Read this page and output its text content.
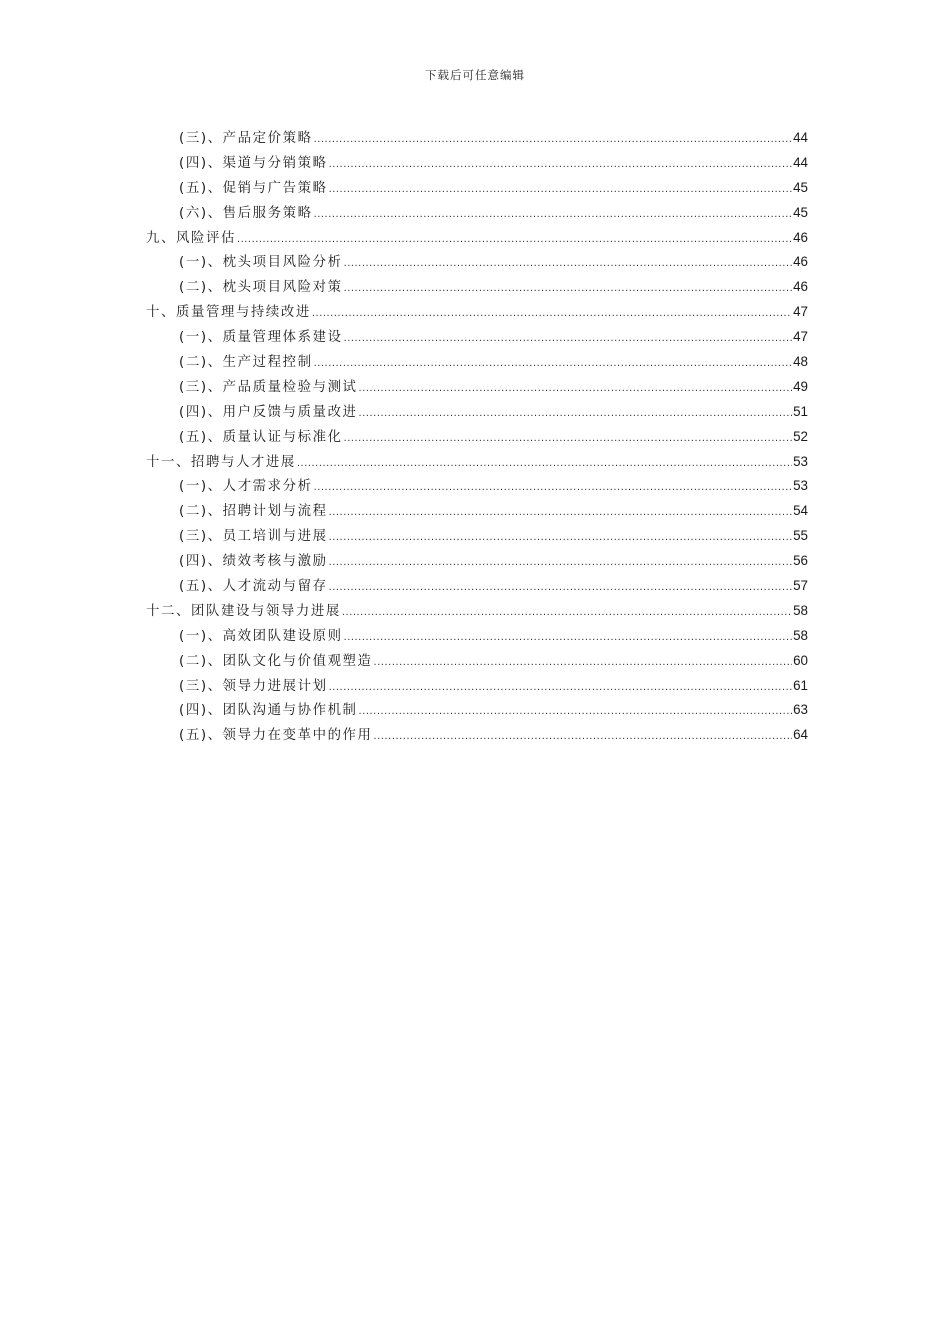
下载后可任意编辑
(三)、产品定价策略 .....	44
(四)、渠道与分销策略 .....	44
(五)、促销与广告策略 .....	45
(六)、售后服务策略 .....	45
九、风险评估 .....	46
(一)、枕头项目风险分析 .....	46
(二)、枕头项目风险对策 .....	46
十、质量管理与持续改进 .....	47
(一)、质量管理体系建设 .....	47
(二)、生产过程控制 .....	48
(三)、产品质量检验与测试 .....	49
(四)、用户反馈与质量改进 .....	51
(五)、质量认证与标准化 .....	52
十一、招聘与人才进展 .....	53
(一)、人才需求分析 .....	53
(二)、招聘计划与流程 .....	54
(三)、员工培训与进展 .....	55
(四)、绩效考核与激励 .....	56
(五)、人才流动与留存 .....	57
十二、团队建设与领导力进展 .....	58
(一)、高效团队建设原则 .....	58
(二)、团队文化与价值观塑造 .....	60
(三)、领导力进展计划 .....	61
(四)、团队沟通与协作机制 .....	63
(五)、领导力在变革中的作用 .....	64
